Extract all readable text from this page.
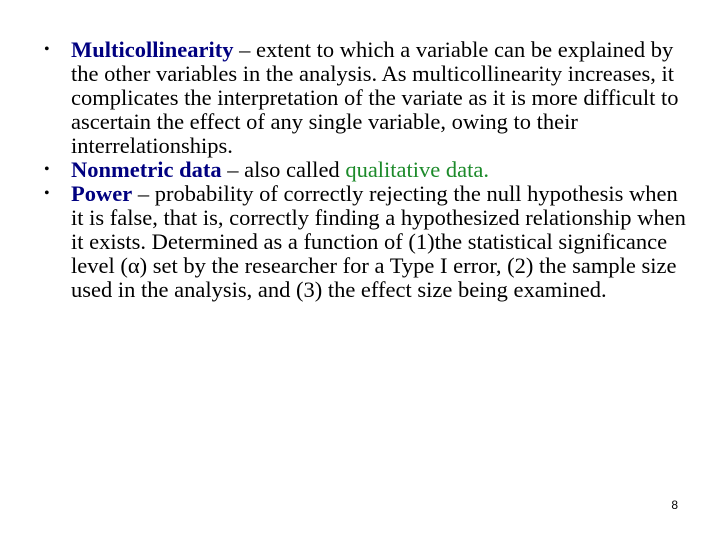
• Multicollinearity – extent to which a variable can be explained by the other variables in the analysis. As multicollinearity increases, it complicates the interpretation of the variate as it is more difficult to ascertain the effect of any single variable, owing to their interrelationships.
• Nonmetric data – also called qualitative data.
• Power – probability of correctly rejecting the null hypothesis when it is false, that is, correctly finding a hypothesized relationship when it exists. Determined as a function of (1)the statistical significance level (α) set by the researcher for a Type I error, (2) the sample size used in the analysis, and (3) the effect size being examined.
8
